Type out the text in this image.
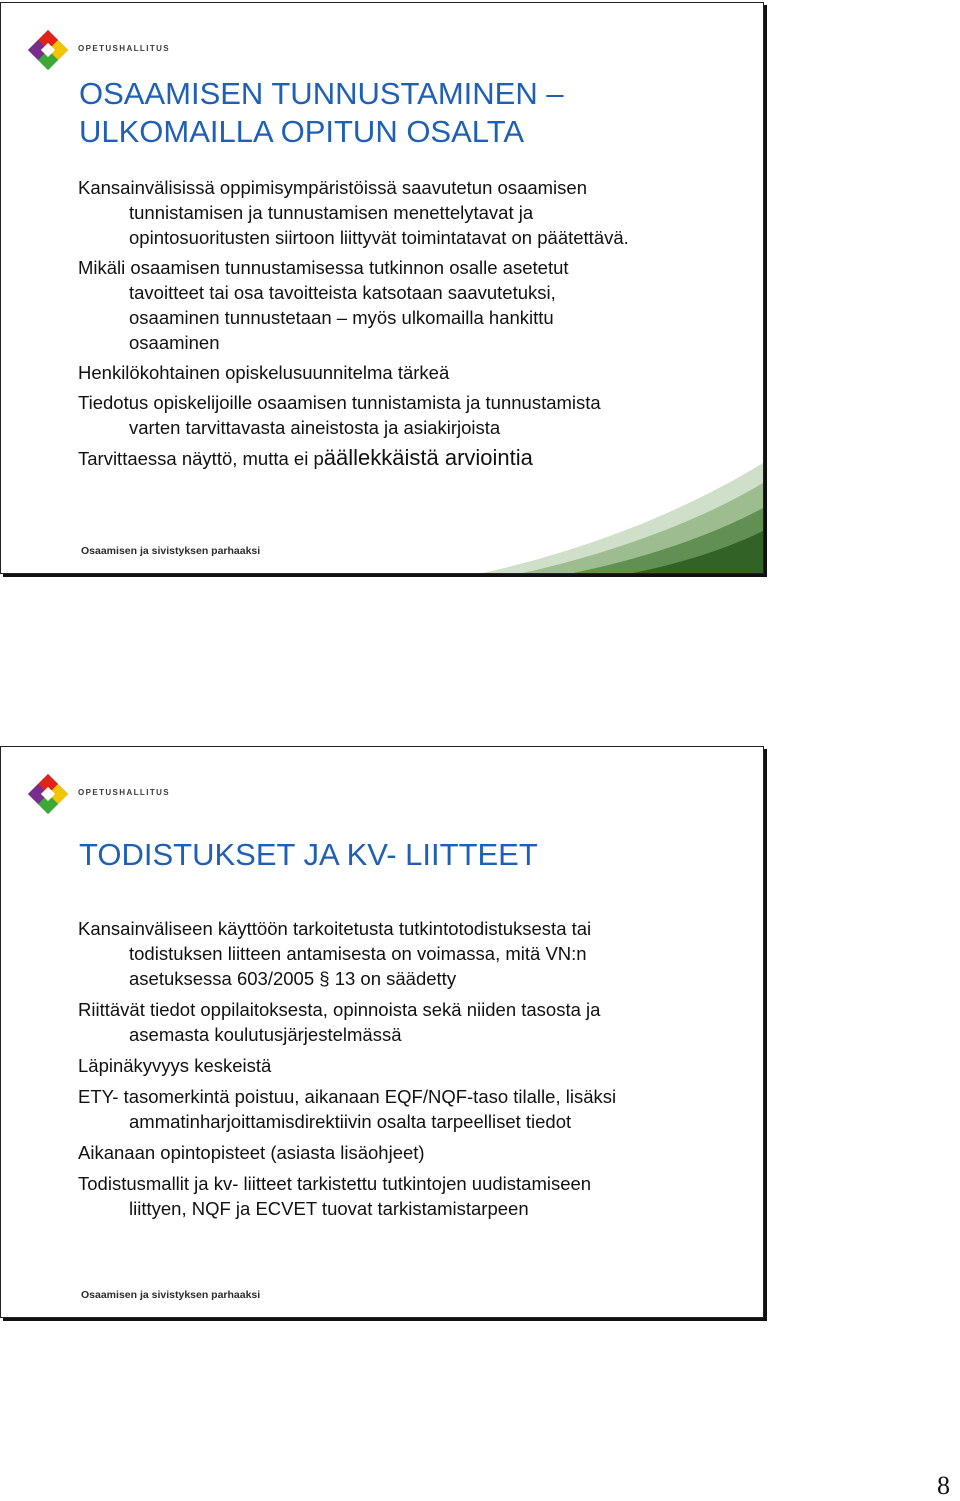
OPETUSHALLITUS
OSAAMISEN TUNNUSTAMINEN –
ULKOMAILLA OPITUN OSALTA
Kansainvälisissä oppimisympäristöissä saavutetun osaamisen
tunnistamisen ja tunnustamisen menettelytavat ja
opintosuoritusten siirtoon liittyvät toimintatavat on päätettävä.
Mikäli osaamisen tunnustamisessa tutkinnon osalle asetetut
tavoitteet tai osa tavoitteista katsotaan saavutetuksi,
osaaminen tunnustetaan – myös ulkomailla hankittu
osaaminen
Henkilökohtainen opiskelusuunnitelma tärkeä
Tiedotus opiskelijoille osaamisen tunnistamista ja tunnustamista
varten tarvittavasta aineistosta ja asiakirjoista
Tarvittaessa näyttö, mutta ei päällekkäistä arviointia
Osaamisen ja sivistyksen parhaaksi
OPETUSHALLITUS
TODISTUKSET JA KV- LIITTEET
Kansainväliseen käyttöön tarkoitetusta tutkintotodistuksesta tai
todistuksen liitteen antamisesta on voimassa, mitä VN:n
asetuksessa 603/2005 § 13 on säädetty
Riittävät tiedot oppilaitoksesta, opinnoista sekä niiden tasosta ja
asemasta koulutusjärjestelmässä
Läpinäkyvyys keskeistä
ETY- tasomerkintä poistuu, aikanaan EQF/NQF-taso tilalle, lisäksi
ammatinharjoittamisdirektiivin osalta tarpeelliset tiedot
Aikanaan opintopisteet (asiasta lisäohjeet)
Todistusmallit ja kv- liitteet tarkistettu tutkintojen uudistamiseen
liittyen, NQF ja ECVET tuovat tarkistamistarpeen
Osaamisen ja sivistyksen parhaaksi
8
